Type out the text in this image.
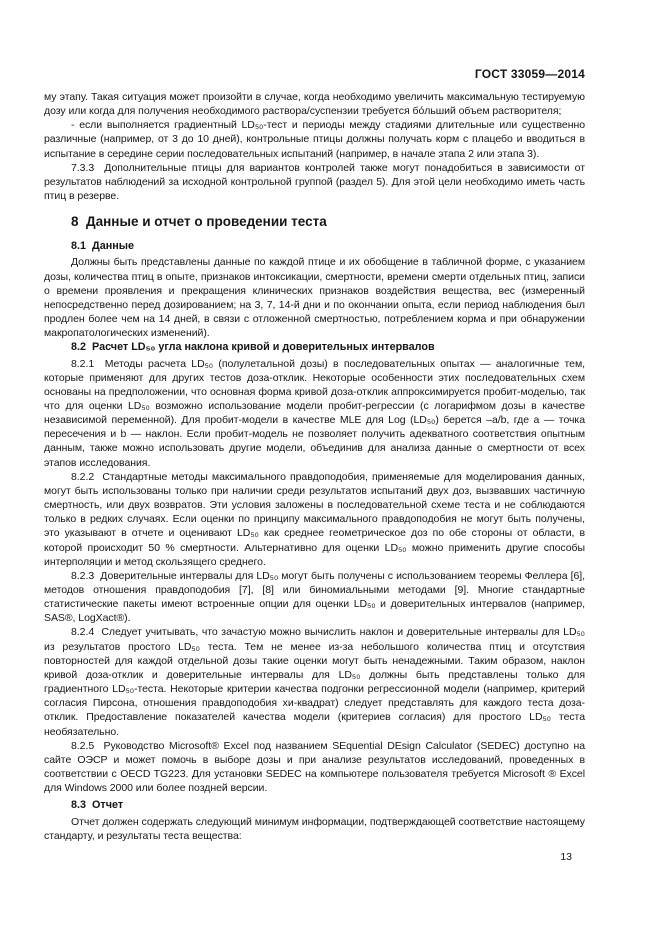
ГОСТ 33059—2014

му этапу. Такая ситуация может произойти в случае, когда необходимо увеличить максимальную тестируемую дозу или когда для получения необходимого раствора/суспензии требуется бо́льший объем растворителя;

- если выполняется градиентный LD₅₀-тест и периоды между стадиями длительные или существенно различные (например, от 3 до 10 дней), контрольные птицы должны получать корм с плацебо и вводиться в испытание в середине серии последовательных испытаний (например, в начале этапа 2 или этапа 3).

7.3.3  Дополнительные птицы для вариантов контролей также могут понадобиться в зависимости от результатов наблюдений за исходной контрольной группой (раздел 5). Для этой цели необходимо иметь часть птиц в резерве.

8  Данные и отчет о проведении теста
8.1  Данные

Должны быть представлены данные по каждой птице и их обобщение в табличной форме, с указанием дозы, количества птиц в опыте, признаков интоксикации, смертности, времени смерти отдельных птиц, записи о времени проявления и прекращения клинических признаков воздействия вещества, вес (измеренный непосредственно перед дозированием; на 3, 7, 14-й дни и по окончании опыта, если период наблюдения был продлен более чем на 14 дней, в связи с отложенной смертностью, потреблением корма и при обнаружении макропатологических изменений).

8.2  Расчет LD₅₀ угла наклона кривой и доверительных интервалов

8.2.1  Методы расчета LD₅₀ (полулетальной дозы) в последовательных опытах — аналогичные тем, которые применяют для других тестов доза-отклик. Некоторые особенности этих последовательных схем основаны на предположении, что основная форма кривой доза-отклик аппроксимируется пробит-моделью, так что для оценки LD₅₀ возможно использование модели пробит-регрессии (с логарифмом дозы в качестве независимой переменной). Для пробит-модели в качестве MLE для Log (LD₅₀) берется –a/b, где a — точка пересечения и b — наклон. Если пробит-модель не позволяет получить адекватного соответствия опытным данным, также можно использовать другие модели, объединив для анализа данные о смертности от всех этапов исследования.

8.2.2  Стандартные методы максимального правдоподобия, применяемые для моделирования данных, могут быть использованы только при наличии среди результатов испытаний двух доз, вызвавших частичную смертность, или двух возвратов. Эти условия заложены в последовательной схеме теста и не соблюдаются только в редких случаях. Если оценки по принципу максимального правдоподобия не могут быть получены, это указывают в отчете и оценивают LD₅₀ как среднее геометрическое доз по обе стороны от области, в которой происходит 50 % смертности. Альтернативно для оценки LD₅₀ можно применить другие способы интерполяции и метод скользящего среднего.

8.2.3  Доверительные интервалы для LD₅₀ могут быть получены с использованием теоремы Феллера [6], методов отношения правдоподобия [7], [8] или биномиальными методами [9]. Многие стандартные статистические пакеты имеют встроенные опции для оценки LD₅₀ и доверительных интервалов (например, SAS®, LogXact®).

8.2.4  Следует учитывать, что зачастую можно вычислить наклон и доверительные интервалы для LD₅₀ из результатов простого LD₅₀ теста. Тем не менее из-за небольшого количества птиц и отсутствия повторностей для каждой отдельной дозы такие оценки могут быть ненадежными. Таким образом, наклон кривой доза-отклик и доверительные интервалы для LD₅₀ должны быть представлены только для градиентного LD₅₀-теста. Некоторые критерии качества подгонки регрессионной модели (например, критерий согласия Пирсона, отношения правдоподобия хи-квадрат) следует представлять для каждого теста доза-отклик. Предоставление показателей качества модели (критериев согласия) для простого LD₅₀ теста необязательно.

8.2.5  Руководство Microsoft® Excel под названием SEquential DEsign Calculator (SEDEC) доступно на сайте ОЭСР и может помочь в выборе дозы и при анализе результатов исследований, проведенных в соответствии с OECD TG223. Для установки SEDEC на компьютере пользователя требуется Microsoft ® Excel для Windows 2000 или более поздней версии.

8.3  Отчет

Отчет должен содержать следующий минимум информации, подтверждающей соответствие настоящему стандарту, и результаты теста вещества:

13
